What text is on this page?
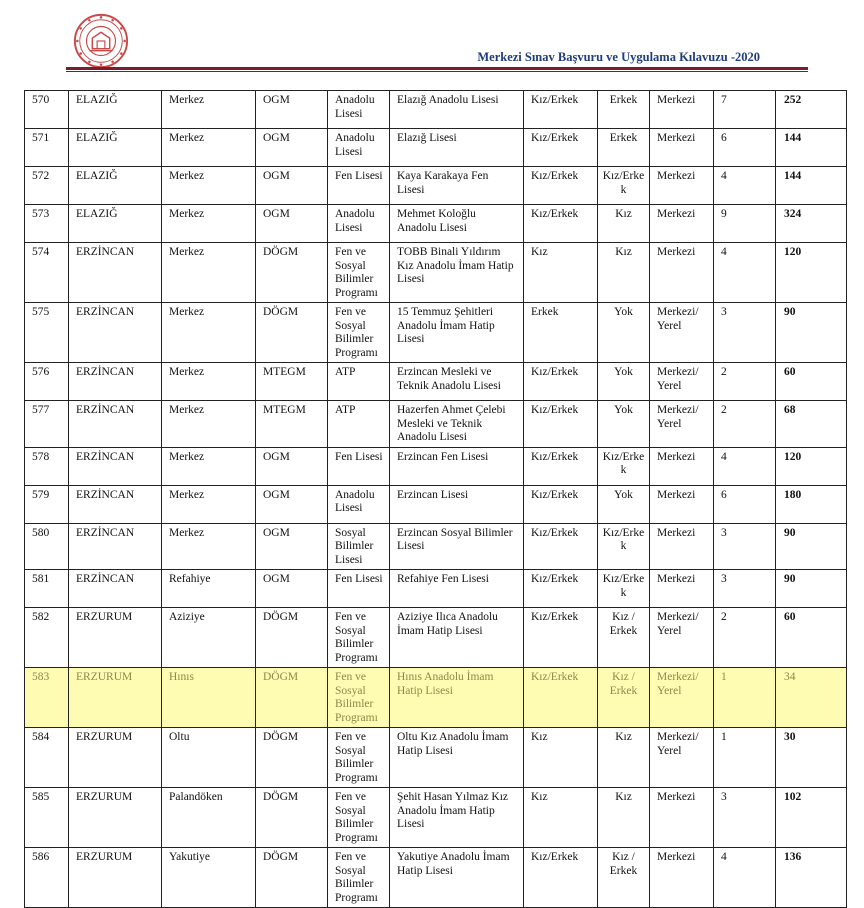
Merkezi Sınav Başvuru ve Uygulama Kılavuzu -2020
570	ELAZIĞ	Merkez	OGM	Anadolu Lisesi	Elazığ Anadolu Lisesi	Kız/Erkek	Erkek	Merkezi	7	252
571	ELAZIĞ	Merkez	OGM	Anadolu Lisesi	Elazığ Lisesi	Kız/Erkek	Erkek	Merkezi	6	144
572	ELAZIĞ	Merkez	OGM	Fen Lisesi	Kaya Karakaya Fen Lisesi	Kız/Erkek	Kız/Erkek	Merkezi	4	144
573	ELAZIĞ	Merkez	OGM	Anadolu Lisesi	Mehmet Koloğlu Anadolu Lisesi	Kız/Erkek	Kız	Merkezi	9	324
574	ERZİNCAN	Merkez	DÖGM	Fen ve Sosyal Bilimler Programı	TOBB Binali Yıldırım Kız Anadolu İmam Hatip Lisesi	Kız	Kız	Merkezi	4	120
575	ERZİNCAN	Merkez	DÖGM	Fen ve Sosyal Bilimler Programı	15 Temmuz Şehitleri Anadolu İmam Hatip Lisesi	Erkek	Yok	Merkezi/ Yerel	3	90
576	ERZİNCAN	Merkez	MTEGM	ATP	Erzincan Mesleki ve Teknik Anadolu Lisesi	Kız/Erkek	Yok	Merkezi/ Yerel	2	60
577	ERZİNCAN	Merkez	MTEGM	ATP	Hazerfen Ahmet Çelebi Mesleki ve Teknik Anadolu Lisesi	Kız/Erkek	Yok	Merkezi/ Yerel	2	68
578	ERZİNCAN	Merkez	OGM	Fen Lisesi	Erzincan Fen Lisesi	Kız/Erkek	Kız/Erkek	Merkezi	4	120
579	ERZİNCAN	Merkez	OGM	Anadolu Lisesi	Erzincan Lisesi	Kız/Erkek	Yok	Merkezi	6	180
580	ERZİNCAN	Merkez	OGM	Sosyal Bilimler Lisesi	Erzincan Sosyal Bilimler Lisesi	Kız/Erkek	Kız/Erkek	Merkezi	3	90
581	ERZİNCAN	Refahiye	OGM	Fen Lisesi	Refahiye Fen Lisesi	Kız/Erkek	Kız/Erkek	Merkezi	3	90
582	ERZURUM	Aziziye	DÖGM	Fen ve Sosyal Bilimler Programı	Aziziye Ilıca Anadolu İmam Hatip Lisesi	Kız/Erkek	Kız / Erkek	Merkezi/ Yerel	2	60
583	ERZURUM	Hınıs	DÖGM	Fen ve Sosyal Bilimler Programı	Hınıs Anadolu İmam Hatip Lisesi	Kız/Erkek	Kız / Erkek	Merkezi/ Yerel	1	34
584	ERZURUM	Oltu	DÖGM	Fen ve Sosyal Bilimler Programı	Oltu Kız Anadolu İmam Hatip Lisesi	Kız	Kız	Merkezi/ Yerel	1	30
585	ERZURUM	Palandöken	DÖGM	Fen ve Sosyal Bilimler Programı	Şehit Hasan Yılmaz Kız Anadolu İmam Hatip Lisesi	Kız	Kız	Merkezi	3	102
586	ERZURUM	Yakutiye	DÖGM	Fen ve Sosyal Bilimler Programı	Yakutiye Anadolu İmam Hatip Lisesi	Kız/Erkek	Kız / Erkek	Merkezi	4	136
